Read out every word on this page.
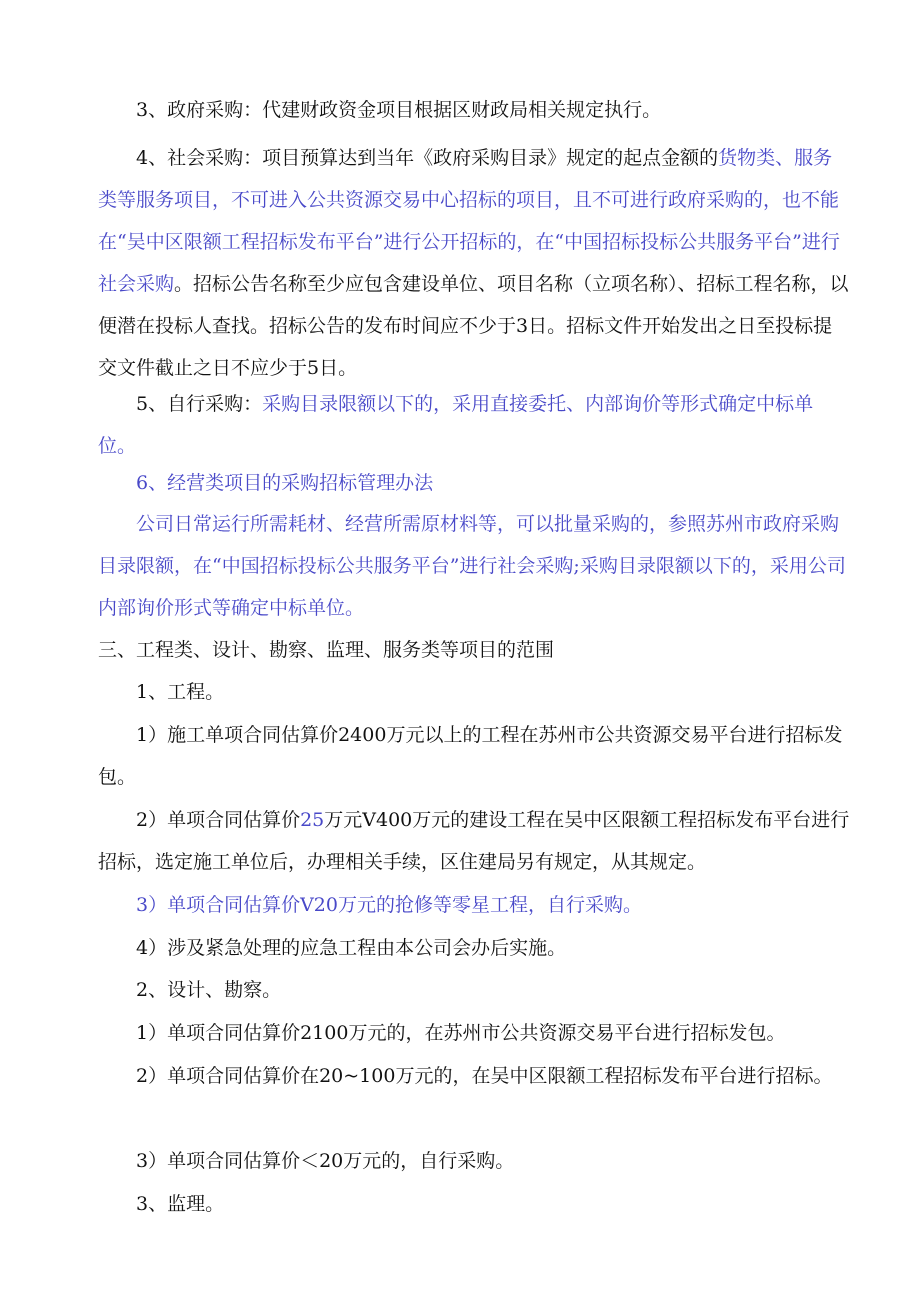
3、政府采购：代建财政资金项目根据区财政局相关规定执行。

4、社会采购：项目预算达到当年《政府采购目录》规定的起点金额的货物类、服务类等服务项目，不可进入公共资源交易中心招标的项目，且不可进行政府采购的，也不能在“吴中区限额工程招标发布平台”进行公开招标的，在“中国招标投标公共服务平台”进行社会采购。招标公告名称至少应包含建设单位、项目名称（立项名称）、招标工程名称，以便潜在投标人查找。招标公告的发布时间应不少于3日。招标文件开始发出之日至投标提交文件截止之日不应少于5日。

5、自行采购：采购目录限额以下的，采用直接委托、内部询价等形式确定中标单位。

6、经营类项目的采购招标管理办法

公司日常运行所需耗材、经营所需原材料等，可以批量采购的，参照苏州市政府采购目录限额，在“中国招标投标公共服务平台”进行社会采购;采购目录限额以下的，采用公司内部询价形式等确定中标单位。

三、工程类、设计、勘察、监理、服务类等项目的范围

1、工程。

1）施工单项合同估算价2400万元以上的工程在苏州市公共资源交易平台进行招标发包。

2）单项合同估算价25万元V400万元的建设工程在吴中区限额工程招标发布平台进行招标，选定施工单位后，办理相关手续，区住建局另有规定，从其规定。

3）单项合同估算价V20万元的抢修等零星工程，自行采购。

4）涉及紧急处理的应急工程由本公司会办后实施。

2、设计、勘察。

1）单项合同估算价2100万元的，在苏州市公共资源交易平台进行招标发包。

2）单项合同估算价在20~100万元的，在吴中区限额工程招标发布平台进行招标。

3）单项合同估算价＜20万元的，自行采购。

3、监理。
